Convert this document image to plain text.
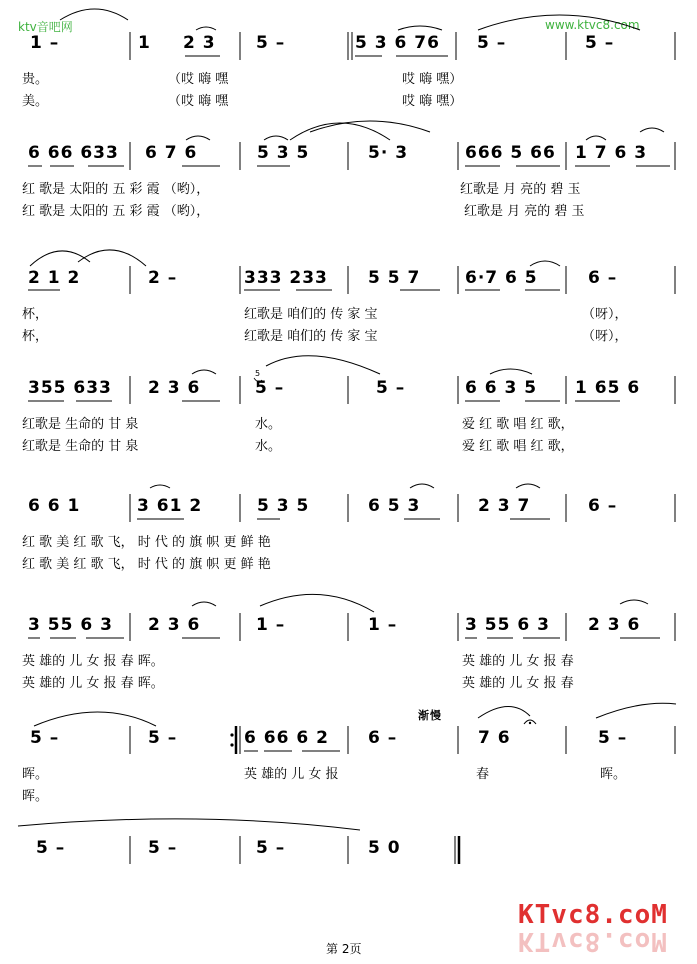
ktv音吧网	www.ktvc8.com
1 –	1 2 3 5 –	5 3 6 76 5 –	5 –
贵。	（哎 嗨 嘿	哎 嗨 嘿）
美。	（哎 嗨 嘿	哎 嗨 嘿）
6 66 633 6 7 6	5 3 5	5· 3	666 5 66 1 7 6 3
红 歌是 太阳的 五 彩 霞 （哟），	红歌是 月 亮的 碧 玉
红 歌是 太阳的 五 彩 霞 （哟），	红歌是 月 亮的 碧 玉
2 1 2	2 –	333 233 5 5 7	6·7 6 5	6 –
杯，	红歌是 咱们的 传 家 宝	（呀），
杯，	红歌是 咱们的 传 家 宝	（呀），
355 633 2 3 6	5 –	5 –	6 6 3 5 1 65 6
红歌是 生命的 甘 泉	水。	爱 红 歌 唱 红 歌，
红歌是 生命的 甘 泉	水。	爱 红 歌 唱 红 歌，
6 6 1	3 61 2	5 3 5	6 5 3	2 3 7	6 –
红 歌 美 红 歌 飞， 时 代 的 旗 帜 更 鲜 艳
红 歌 美 红 歌 飞， 时 代 的 旗 帜 更 鲜 艳
3 55 6 3 2 3 6	1 –	1 –	3 55 6 3 2 3 6
英 雄的 儿 女 报 春 晖。	英 雄的 儿 女 报 春
英 雄的 儿 女 报 春 晖。	英 雄的 儿 女 报 春
5 –	5 –	6 66 6 2 6 –	7 6	5 –
晖。	英 雄的 儿 女 报	春	晖。
晖。
5 –	5 –	5 –	5 0
5
渐慢
第 2页
KTvc8.coM
KTvc8.coM
